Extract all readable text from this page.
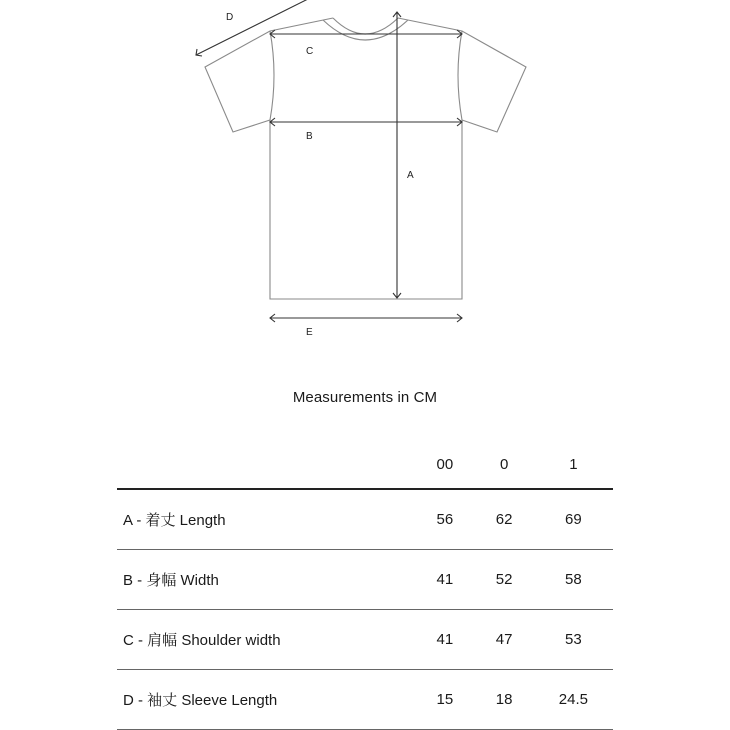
A
B
C
D
E
Measurements in CM
	00	0	1
A - 着丈 Length	56	62	69
B - 身幅 Width	41	52	58
C - 肩幅 Shoulder width	41	47	53
D - 袖丈 Sleeve Length	15	18	24.5
